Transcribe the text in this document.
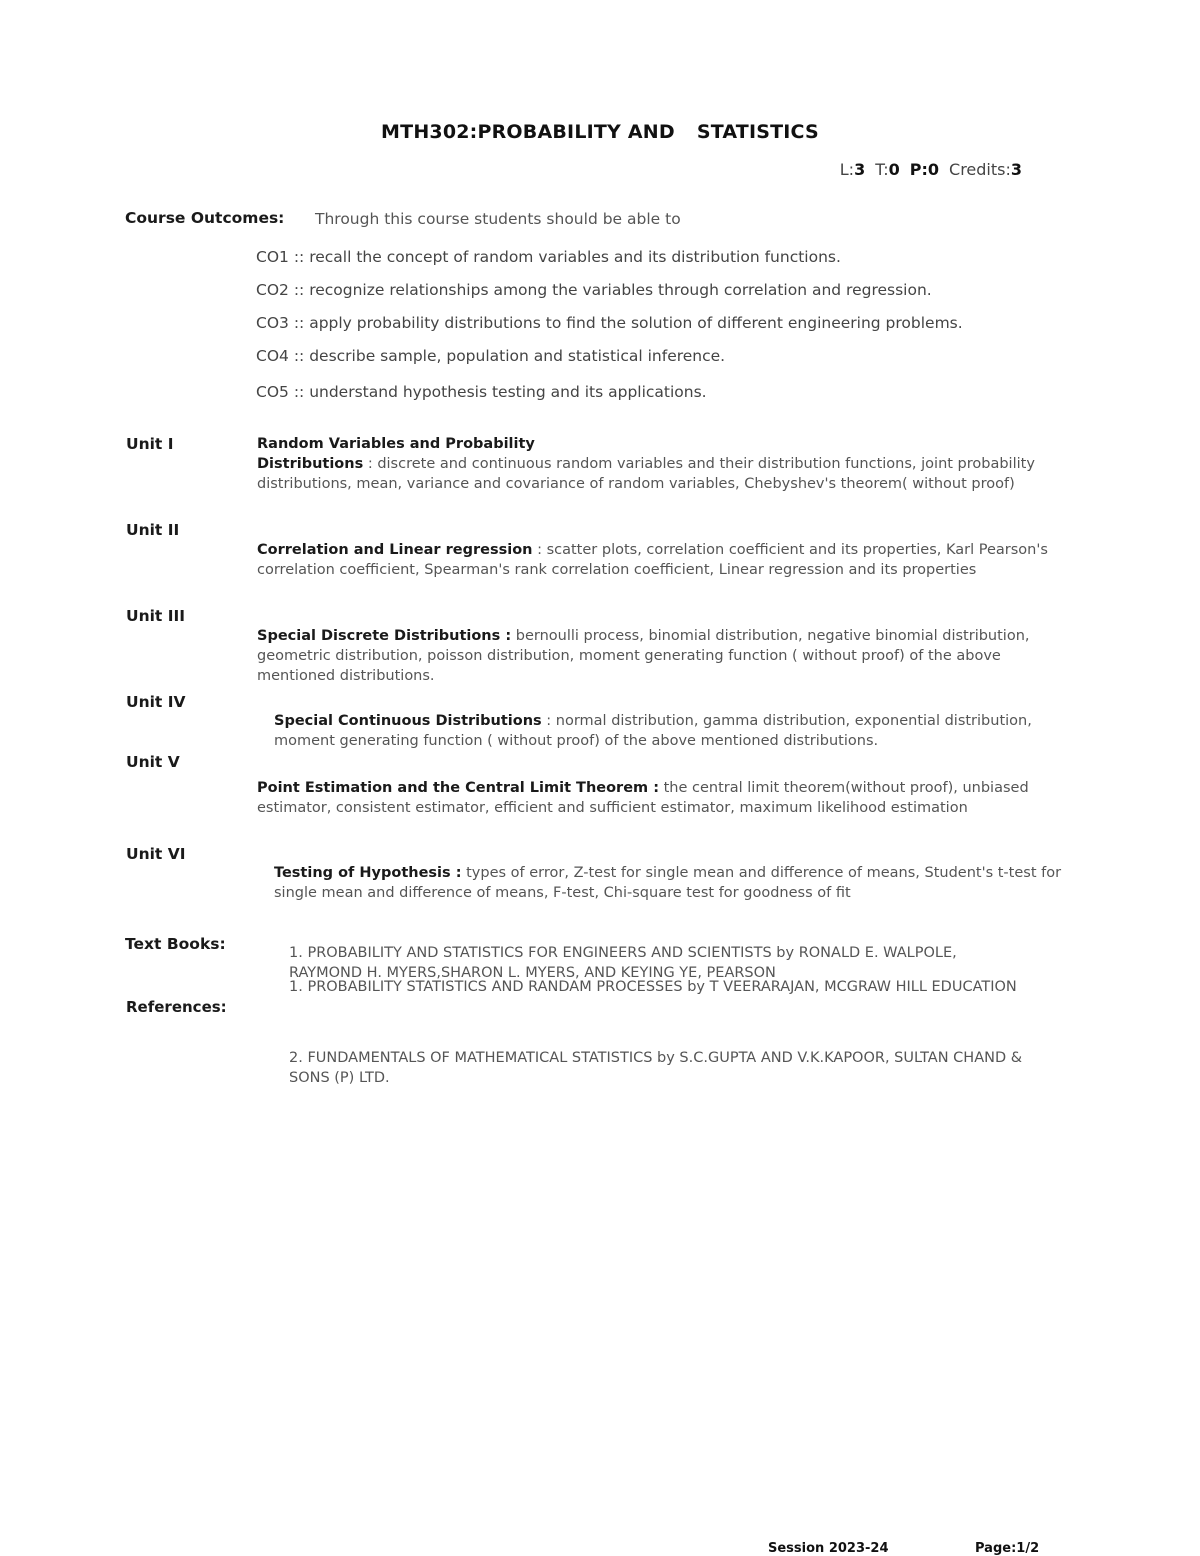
MTH302:PROBABILITY AND STATISTICS
L:3 T:0 P:0 Credits:3
Course Outcomes: Through this course students should be able to
CO1 :: recall the concept of random variables and its distribution functions.
CO2 :: recognize relationships among the variables through correlation and regression.
CO3 :: apply probability distributions to find the solution of different engineering problems.
CO4 :: describe sample, population and statistical inference.
CO5 :: understand hypothesis testing and its applications.
Unit I	Random Variables and Probability
Distributions : discrete and continuous random variables and their distribution functions, joint probability distributions, mean, variance and covariance of random variables, Chebyshev's theorem( without proof)
Unit II
Correlation and Linear regression : scatter plots, correlation coefficient and its properties, Karl Pearson's correlation coefficient, Spearman's rank correlation coefficient, Linear regression and its properties
Unit III
Special Discrete Distributions : bernoulli process, binomial distribution, negative binomial distribution, geometric distribution, poisson distribution, moment generating function ( without proof) of the above mentioned distributions.
Unit IV
Special Continuous Distributions : normal distribution, gamma distribution, exponential distribution, moment generating function ( without proof) of the above mentioned distributions.
Unit V
Point Estimation and the Central Limit Theorem : the central limit theorem(without proof), unbiased estimator, consistent estimator, efficient and sufficient estimator, maximum likelihood estimation
Unit VI
Testing of Hypothesis : types of error, Z-test for single mean and difference of means, Student's t-test for single mean and difference of means, F-test, Chi-square test for goodness of fit
Text Books:	1. PROBABILITY AND STATISTICS FOR ENGINEERS AND SCIENTISTS by RONALD E. WALPOLE, RAYMOND H. MYERS,SHARON L. MYERS, AND KEYING YE, PEARSON
References:
1. PROBABILITY STATISTICS AND RANDAM PROCESSES by T VEERARAJAN, MCGRAW HILL EDUCATION
2. FUNDAMENTALS OF MATHEMATICAL STATISTICS by S.C.GUPTA AND V.K.KAPOOR, SULTAN CHAND & SONS (P) LTD.
Session 2023-24	Page:1/2
